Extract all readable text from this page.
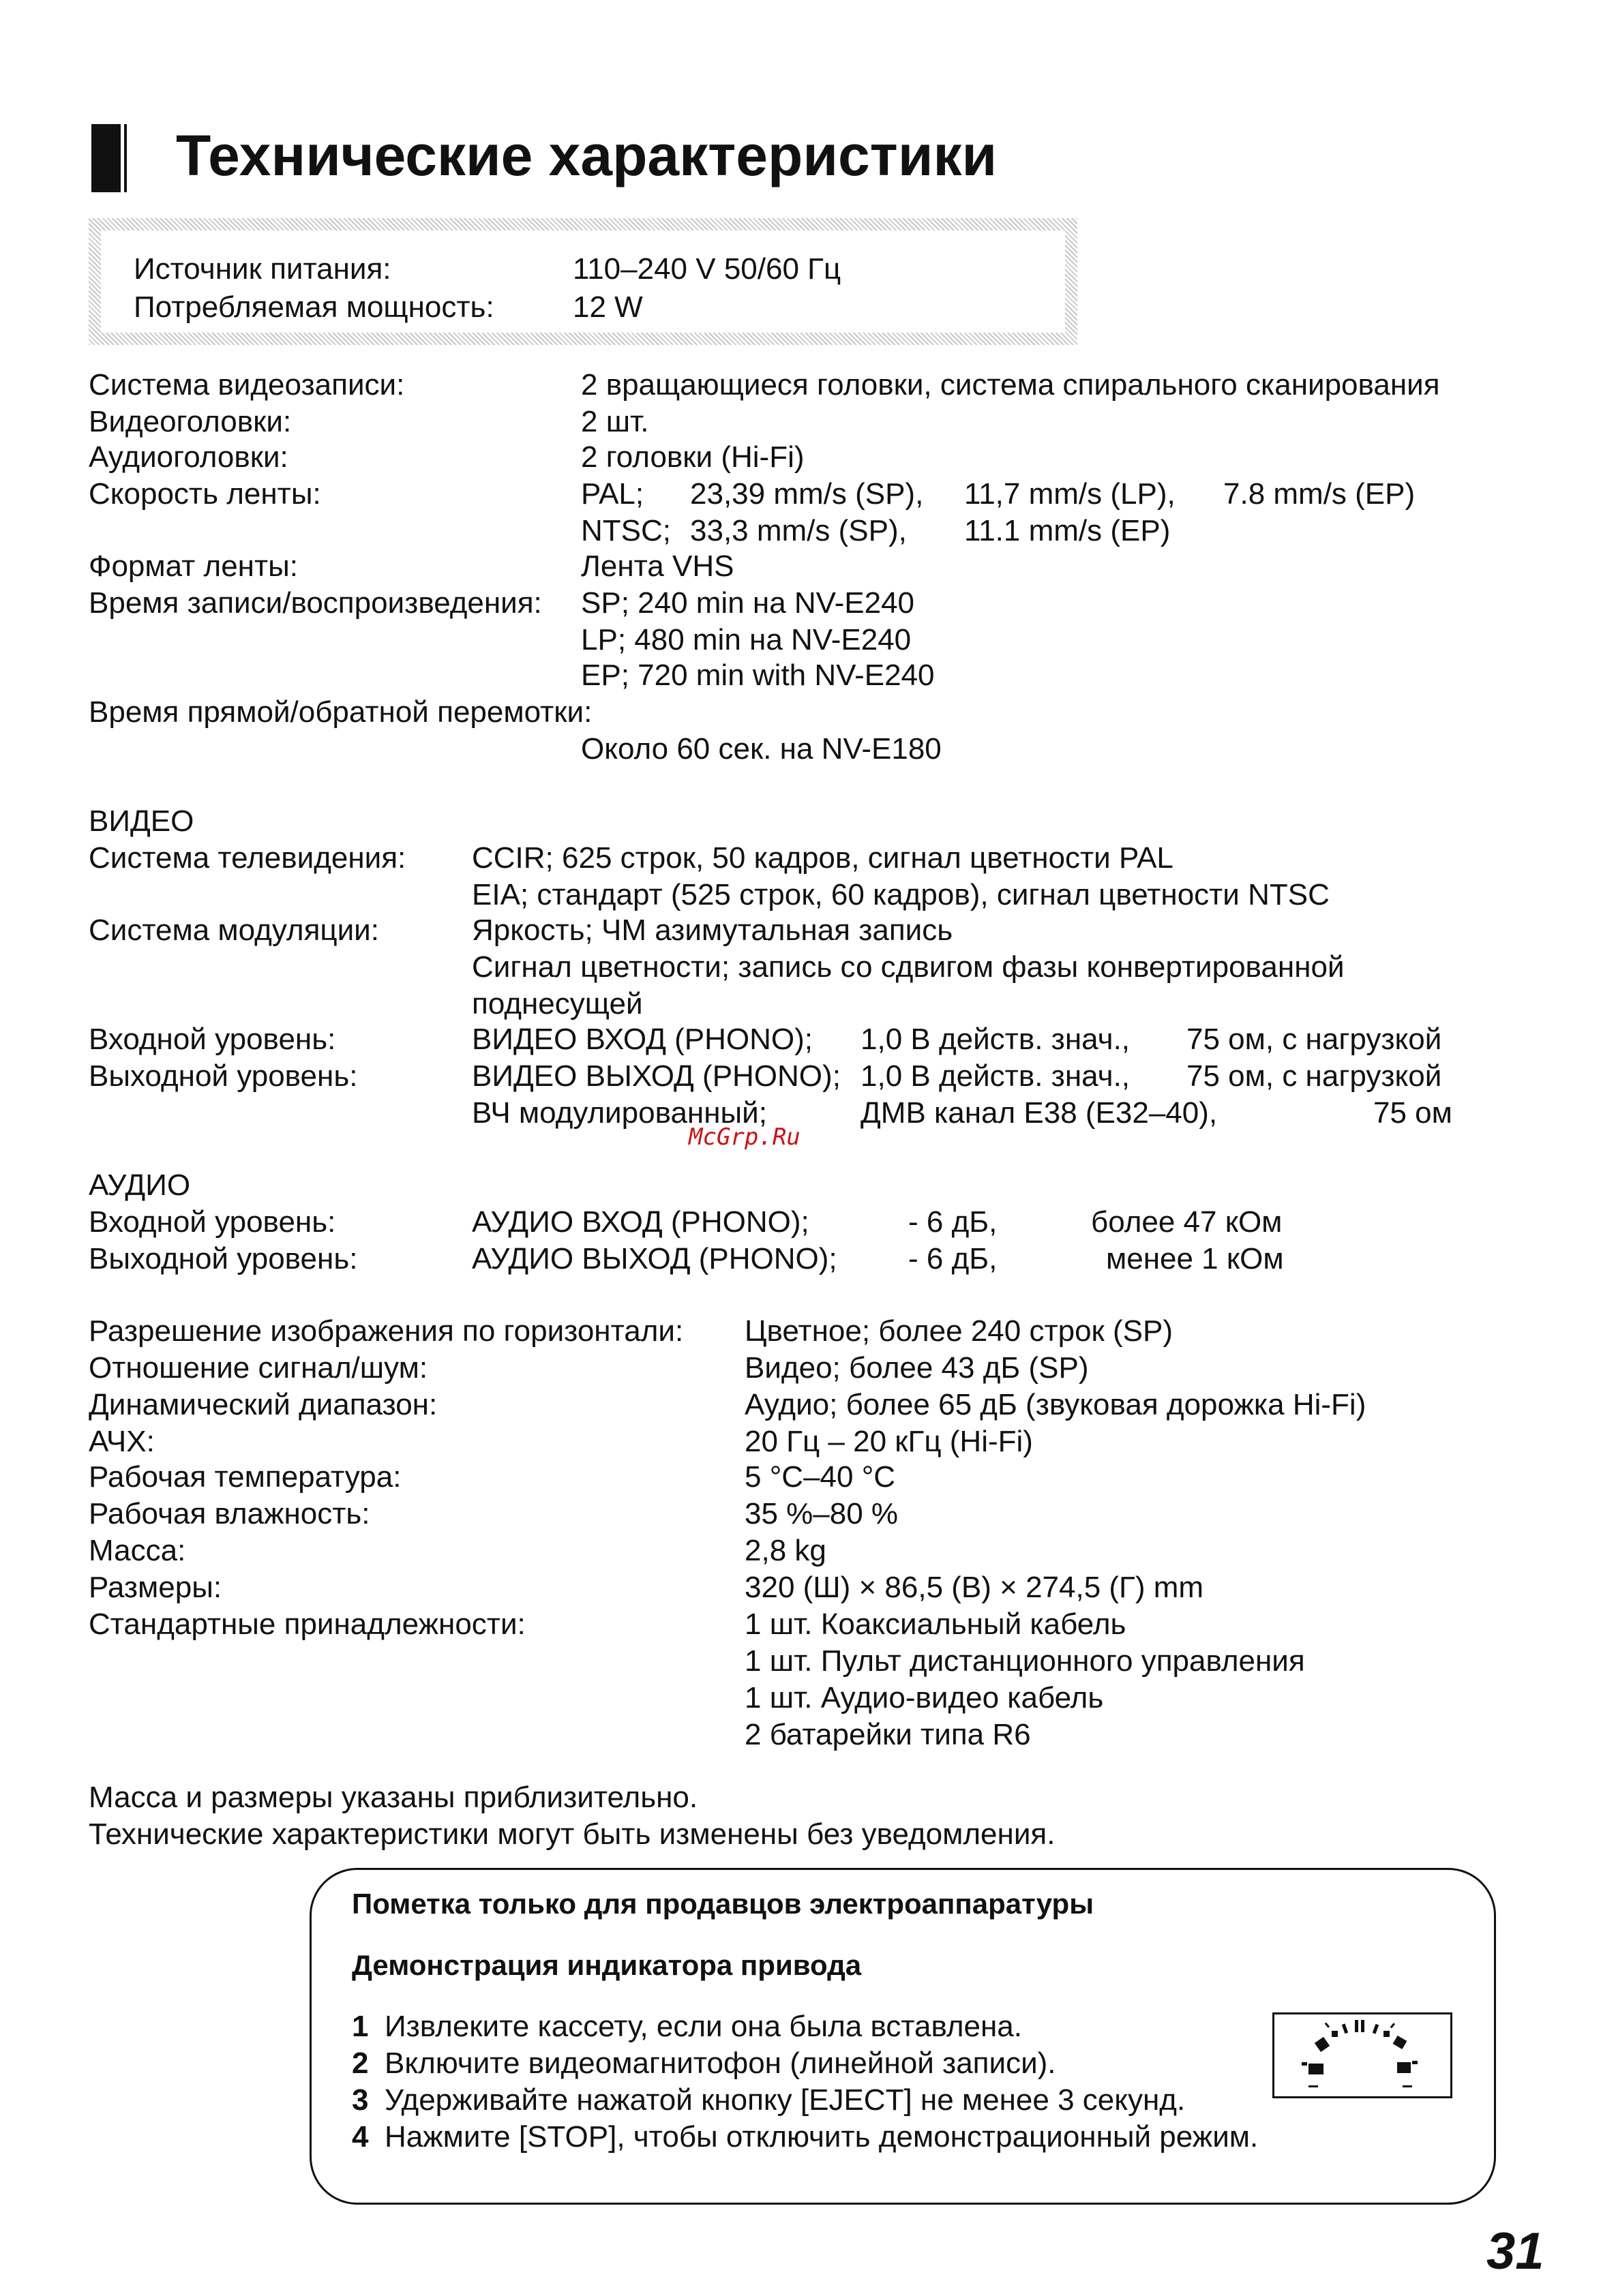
Технические характеристики
Источник питания:	110–240 V 50/60 Гц
Потребляемая мощность:	12 W
Система видеозаписи:	2 вращающиеся головки, система спирального сканирования
Видеоголовки:	2 шт.
Аудиоголовки:	2 головки (Hi-Fi)
Скорость ленты:	PAL; 23,39 mm/s (SP), 11,7 mm/s (LP), 7.8 mm/s (EP)
NTSC; 33,3 mm/s (SP), 11.1 mm/s (EP)
Формат ленты:	Лента VHS
Время записи/воспроизведения: SP; 240 min на NV-E240
LP; 480 min на NV-E240
EP; 720 min with NV-E240
Время прямой/обратной перемотки:
Около 60 сек. на NV-E180
ВИДЕО
Система телевидения: CCIR; 625 строк, 50 кадров, сигнал цветности PAL
EIA; стандарт (525 строк, 60 кадров), сигнал цветности NTSC
Система модуляции:	Яркость; ЧМ азимутальная запись
Сигнал цветности; запись со сдвигом фазы конвертированной
поднесущей
Входной уровень:	ВИДЕО ВХОД (PHONO); 1,0 В действ. знач., 75 ом, с нагрузкой
Выходной уровень:	ВИДЕО ВЫХОД (PHONO); 1,0 В действ. знач., 75 ом, с нагрузкой
ВЧ модулированный;	ДМВ канал E38 (E32–40),	75 ом
McGrp.Ru
АУДИО
Входной уровень:	АУДИО ВХОД (PHONO);	- 6 дБ,	более 47 кОм
Выходной уровень:	АУДИО ВЫХОД (PHONO); - 6 дБ,	менее 1 кОм
Разрешение изображения по горизонтали: Цветное; более 240 строк (SP)
Отношение сигнал/шум:	Видео; более 43 дБ (SP)
Динамический диапазон:	Аудио; более 65 дБ (звуковая дорожка Hi-Fi)
АЧХ:	20 Гц – 20 кГц (Hi-Fi)
Рабочая температура:	5 °C–40 °C
Рабочая влажность:	35 %–80 %
Масса:	2,8 kg
Размеры:	320 (Ш) × 86,5 (В) × 274,5 (Г) mm
Стандартные принадлежности:	1 шт. Коаксиальный кабель
1 шт. Пульт дистанционного управления
1 шт. Аудио-видео кабель
2 батарейки типа R6
Масса и размеры указаны приблизительно.
Технические характеристики могут быть изменены без уведомления.
Пометка только для продавцов электроаппаратуры
Демонстрация индикатора привода
1 Извлеките кассету, если она была вставлена.
2 Включите видеомагнитофон (линейной записи).
3 Удерживайте нажатой кнопку [EJECT] не менее 3 секунд.
4 Нажмите [STOP], чтобы отключить демонстрационный режим.
31
